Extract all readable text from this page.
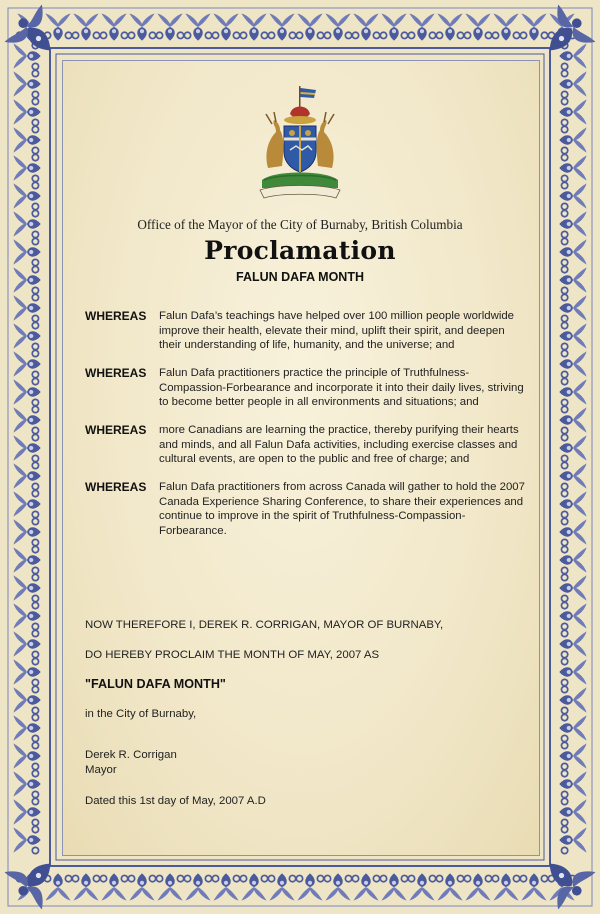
Office of the Mayor of the City of Burnaby, British Columbia
Proclamation
FALUN DAFA MONTH
WHEREAS Falun Dafa’s teachings have helped over 100 million people worldwide improve their health, elevate their mind, uplift their spirit, and deepen their understanding of life, humanity, and the universe; and
WHEREAS Falun Dafa practitioners practice the principle of Truthfulness-Compassion-Forbearance and incorporate it into their daily lives, striving to become better people in all environments and situations; and
WHEREAS more Canadians are learning the practice, thereby purifying their hearts and minds, and all Falun Dafa activities, including exercise classes and cultural events, are open to the public and free of charge; and
WHEREAS Falun Dafa practitioners from across Canada will gather to hold the 2007 Canada Experience Sharing Conference, to share their experiences and continue to improve in the spirit of Truthfulness-Compassion-Forbearance.
NOW THEREFORE I, DEREK R. CORRIGAN, MAYOR OF BURNABY,
DO HEREBY PROCLAIM THE MONTH OF MAY, 2007 AS
"FALUN DAFA MONTH"
in the City of Burnaby,
Derek R. Corrigan
Mayor
Dated this 1st day of May, 2007 A.D
